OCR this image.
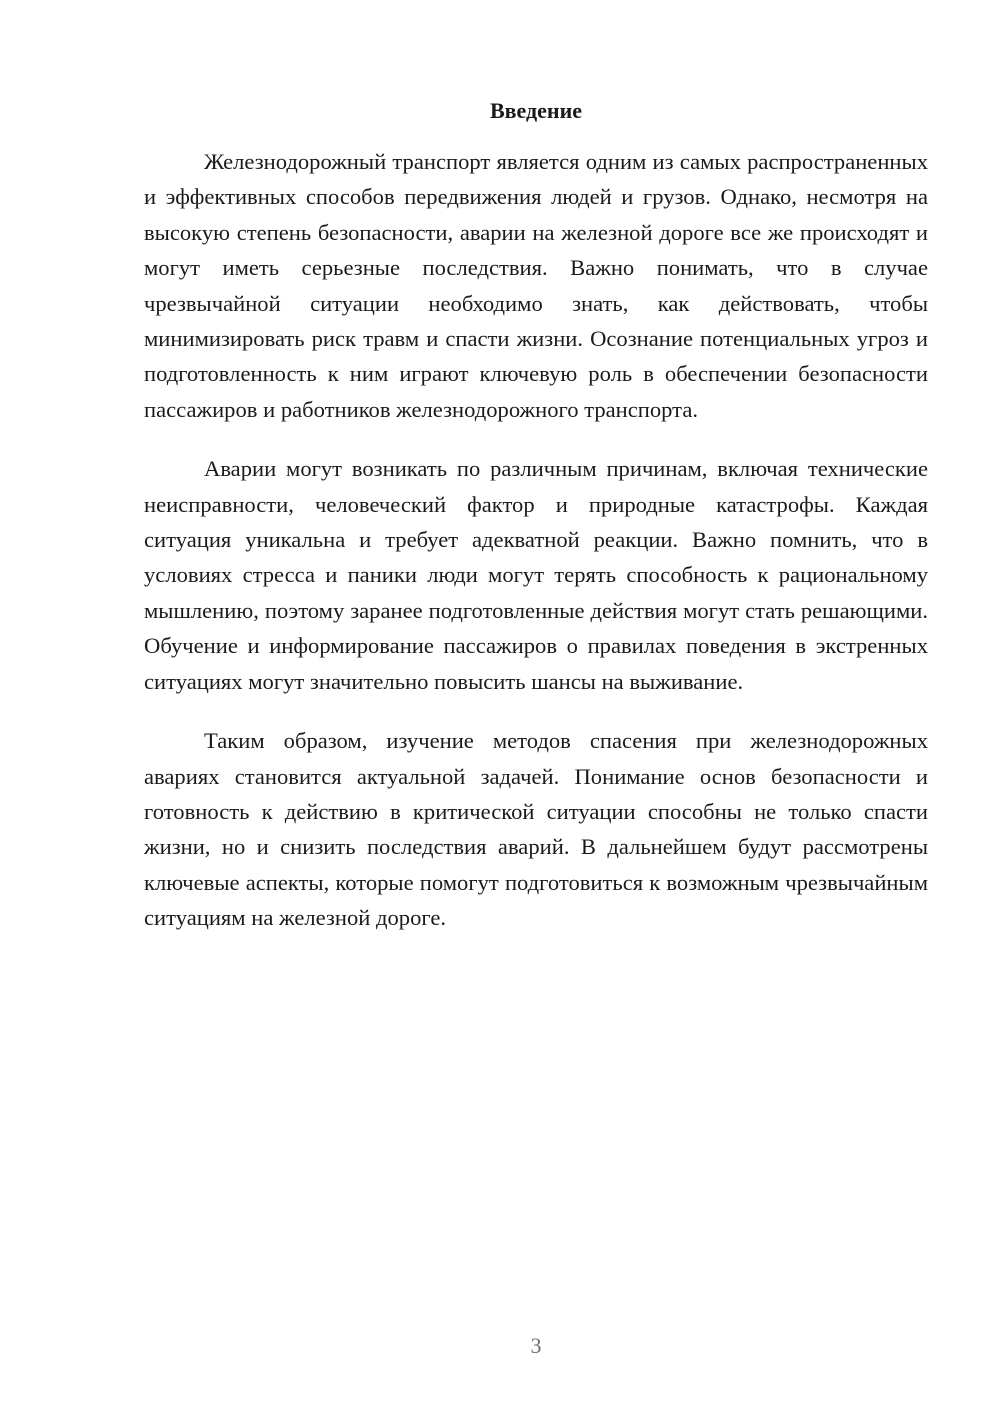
Введение

Железнодорожный транспорт является одним из самых распространенных и эффективных способов передвижения людей и грузов. Однако, несмотря на высокую степень безопасности, аварии на железной дороге все же происходят и могут иметь серьезные последствия. Важно понимать, что в случае чрезвычайной ситуации необходимо знать, как действовать, чтобы минимизировать риск травм и спасти жизни. Осознание потенциальных угроз и подготовленность к ним играют ключевую роль в обеспечении безопасности пассажиров и работников железнодорожного транспорта.

Аварии могут возникать по различным причинам, включая технические неисправности, человеческий фактор и природные катастрофы. Каждая ситуация уникальна и требует адекватной реакции. Важно помнить, что в условиях стресса и паники люди могут терять способность к рациональному мышлению, поэтому заранее подготовленные действия могут стать решающими. Обучение и информирование пассажиров о правилах поведения в экстренных ситуациях могут значительно повысить шансы на выживание.

Таким образом, изучение методов спасения при железнодорожных авариях становится актуальной задачей. Понимание основ безопасности и готовность к действию в критической ситуации способны не только спасти жизни, но и снизить последствия аварий. В дальнейшем будут рассмотрены ключевые аспекты, которые помогут подготовиться к возможным чрезвычайным ситуациям на железной дороге.

3
